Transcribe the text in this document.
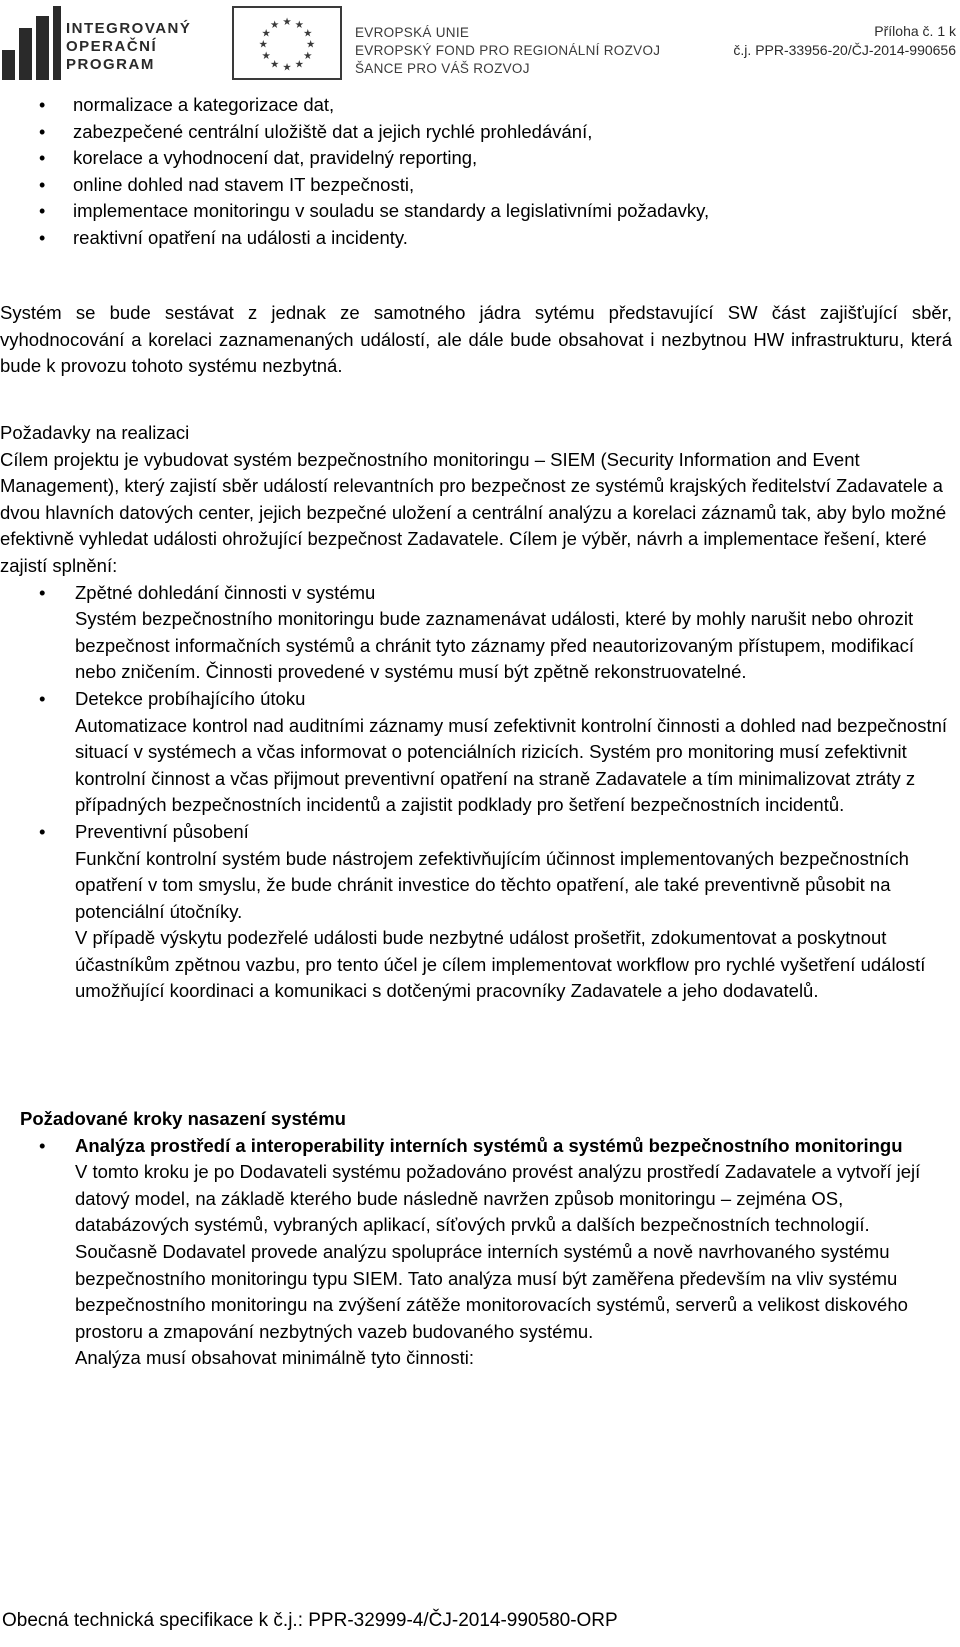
INTEGROVANÝ
OPERAČNÍ
PROGRAM
★ ★
★
★
★
★
★
★
★
★
★
★
EVROPSKÁ UNIE
EVROPSKÝ FOND PRO REGIONÁLNÍ ROZVOJ
ŠANCE PRO VÁŠ ROZVOJ
Příloha č. 1 k
č.j. PPR-33956-20/ČJ-2014-990656
• normalizace a kategorizace dat,
• zabezpečené centrální uložiště dat a jejich rychlé prohledávání,
• korelace a vyhodnocení dat, pravidelný reporting,
• online dohled nad stavem IT bezpečnosti,
• implementace monitoringu v souladu se standardy a legislativními požadavky,
• reaktivní opatření na události a incidenty.
Systém se bude sestávat z jednak ze samotného jádra sytému představující SW část zajišťující sběr, vyhodnocování a korelaci zaznamenaných událostí, ale dále bude obsahovat i nezbytnou HW infrastrukturu, která bude k provozu tohoto systému nezbytná.
Požadavky na realizaci
Cílem projektu je vybudovat systém bezpečnostního monitoringu – SIEM (Security Information and Event Management), který zajistí sběr událostí relevantních pro bezpečnost ze systémů krajských ředitelství Zadavatele a dvou hlavních datových center, jejich bezpečné uložení a centrální analýzu a korelaci záznamů tak, aby bylo možné efektivně vyhledat události ohrožující bezpečnost Zadavatele. Cílem je výběr, návrh a implementace řešení, které zajistí splnění:
• Zpětné dohledání činnosti v systému
Systém bezpečnostního monitoringu bude zaznamenávat události, které by mohly narušit nebo ohrozit bezpečnost informačních systémů a chránit tyto záznamy před neautorizovaným přístupem, modifikací nebo zničením. Činnosti provedené v systému musí být zpětně rekonstruovatelné.
• Detekce probíhajícího útoku
Automatizace kontrol nad auditními záznamy musí zefektivnit kontrolní činnosti a dohled nad bezpečnostní situací v systémech a včas informovat o potenciálních rizicích. Systém pro monitoring musí zefektivnit kontrolní činnost a včas přijmout preventivní opatření na straně Zadavatele a tím minimalizovat ztráty z případných bezpečnostních incidentů a zajistit podklady pro šetření bezpečnostních incidentů.
• Preventivní působení
Funkční kontrolní systém bude nástrojem zefektivňujícím účinnost implementovaných bezpečnostních opatření v tom smyslu, že bude chránit investice do těchto opatření, ale také preventivně působit na potenciální útočníky.
V případě výskytu podezřelé události bude nezbytné událost prošetřit, zdokumentovat a poskytnout účastníkům zpětnou vazbu, pro tento účel je cílem implementovat workflow pro rychlé vyšetření událostí umožňující koordinaci a komunikaci s dotčenými pracovníky Zadavatele a jeho dodavatelů.
Požadované kroky nasazení systému
• Analýza prostředí a interoperability interních systémů a systémů bezpečnostního monitoringu
V tomto kroku je po Dodavateli systému požadováno provést analýzu prostředí Zadavatele a vytvoří její datový model, na základě kterého bude následně navržen způsob monitoringu – zejména OS, databázových systémů, vybraných aplikací, síťových prvků a dalších bezpečnostních technologií.
Současně Dodavatel provede analýzu spolupráce interních systémů a nově navrhovaného systému bezpečnostního monitoringu typu SIEM. Tato analýza musí být zaměřena především na vliv systému bezpečnostního monitoringu na zvýšení zátěže monitorovacích systémů, serverů a velikost diskového prostoru a zmapování nezbytných vazeb budovaného systému.
Analýza musí obsahovat minimálně tyto činnosti:
Obecná technická specifikace k č.j.: PPR-32999-4/ČJ-2014-990580-ORP
